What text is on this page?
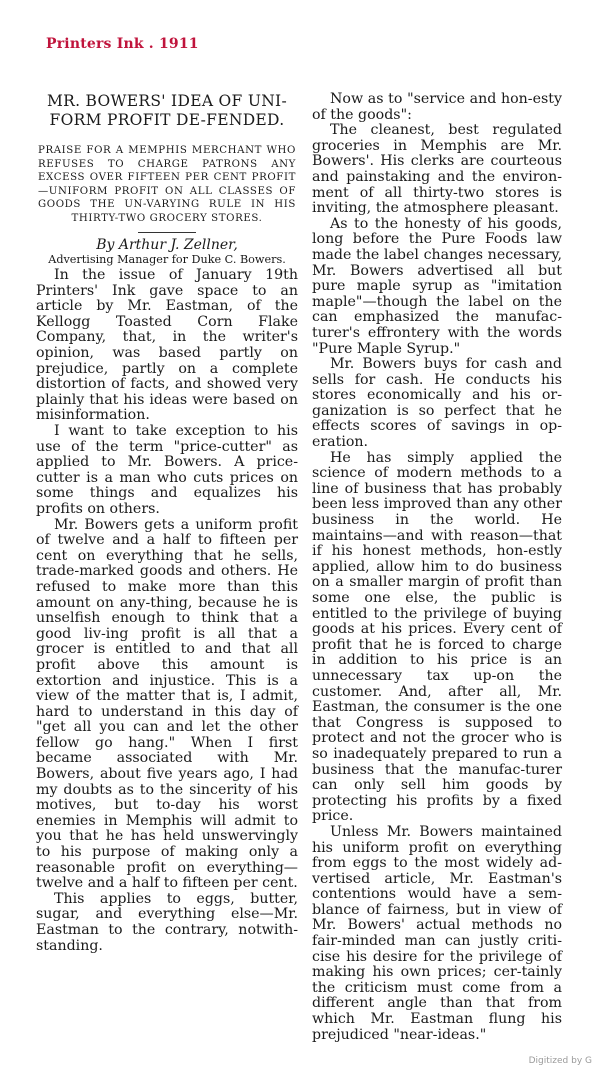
Printers Ink . 1911
MR. BOWERS' IDEA OF UNI-FORM PROFIT DE-FENDED.
PRAISE FOR A MEMPHIS MERCHANT WHO REFUSES TO CHARGE PATRONS ANY EXCESS OVER FIFTEEN PER CENT PROFIT—UNIFORM PROFIT ON ALL CLASSES OF GOODS THE UN-VARYING RULE IN HIS THIRTY-TWO GROCERY STORES.

By Arthur J. Zellner,

Advertising Manager for Duke C. Bowers.

In the issue of January 19th Printers' Ink gave space to an article by Mr. Eastman, of the Kellogg Toasted Corn Flake Company, that, in the writer's opinion, was based partly on prejudice, partly on a complete distortion of facts, and showed very plainly that his ideas were based on misinformation.

I want to take exception to his use of the term "price-cutter" as applied to Mr. Bowers. A price-cutter is a man who cuts prices on some things and equalizes his profits on others.

Mr. Bowers gets a uniform profit of twelve and a half to fifteen per cent on everything that he sells, trade-marked goods and others. He refused to make more than this amount on any-thing, because he is unselfish enough to think that a good liv-ing profit is all that a grocer is entitled to and that all profit above this amount is extortion and injustice. This is a view of the matter that is, I admit, hard to understand in this day of "get all you can and let the other fellow go hang." When I first became associated with Mr. Bowers, about five years ago, I had my doubts as to the sincerity of his motives, but to-day his worst enemies in Memphis will admit to you that he has held unswervingly to his purpose of making only a reasonable profit on everything—twelve and a half to fifteen per cent.

This applies to eggs, butter, sugar, and everything else—Mr. Eastman to the contrary, notwith-standing.

Now as to "service and hon-esty of the goods":

The cleanest, best regulated groceries in Memphis are Mr. Bowers'. His clerks are courteous and painstaking and the environ-ment of all thirty-two stores is inviting, the atmosphere pleasant.

As to the honesty of his goods, long before the Pure Foods law made the label changes necessary, Mr. Bowers advertised all but pure maple syrup as "imitation maple"—though the label on the can emphasized the manufac-turer's effrontery with the words "Pure Maple Syrup."

Mr. Bowers buys for cash and sells for cash. He conducts his stores economically and his or-ganization is so perfect that he effects scores of savings in op-eration.

He has simply applied the science of modern methods to a line of business that has probably been less improved than any other business in the world. He maintains—and with reason—that if his honest methods, hon-estly applied, allow him to do business on a smaller margin of profit than some one else, the public is entitled to the privilege of buying goods at his prices. Every cent of profit that he is forced to charge in addition to his price is an unnecessary tax up-on the customer. And, after all, Mr. Eastman, the consumer is the one that Congress is supposed to protect and not the grocer who is so inadequately prepared to run a business that the manufac-turer can only sell him goods by protecting his profits by a fixed price.

Unless Mr. Bowers maintained his uniform profit on everything from eggs to the most widely ad-vertised article, Mr. Eastman's contentions would have a sem-blance of fairness, but in view of Mr. Bowers' actual methods no fair-minded man can justly criti-cise his desire for the privilege of making his own prices; cer-tainly the criticism must come from a different angle than that from which Mr. Eastman flung his prejudiced "near-ideas."

Digitized by G
